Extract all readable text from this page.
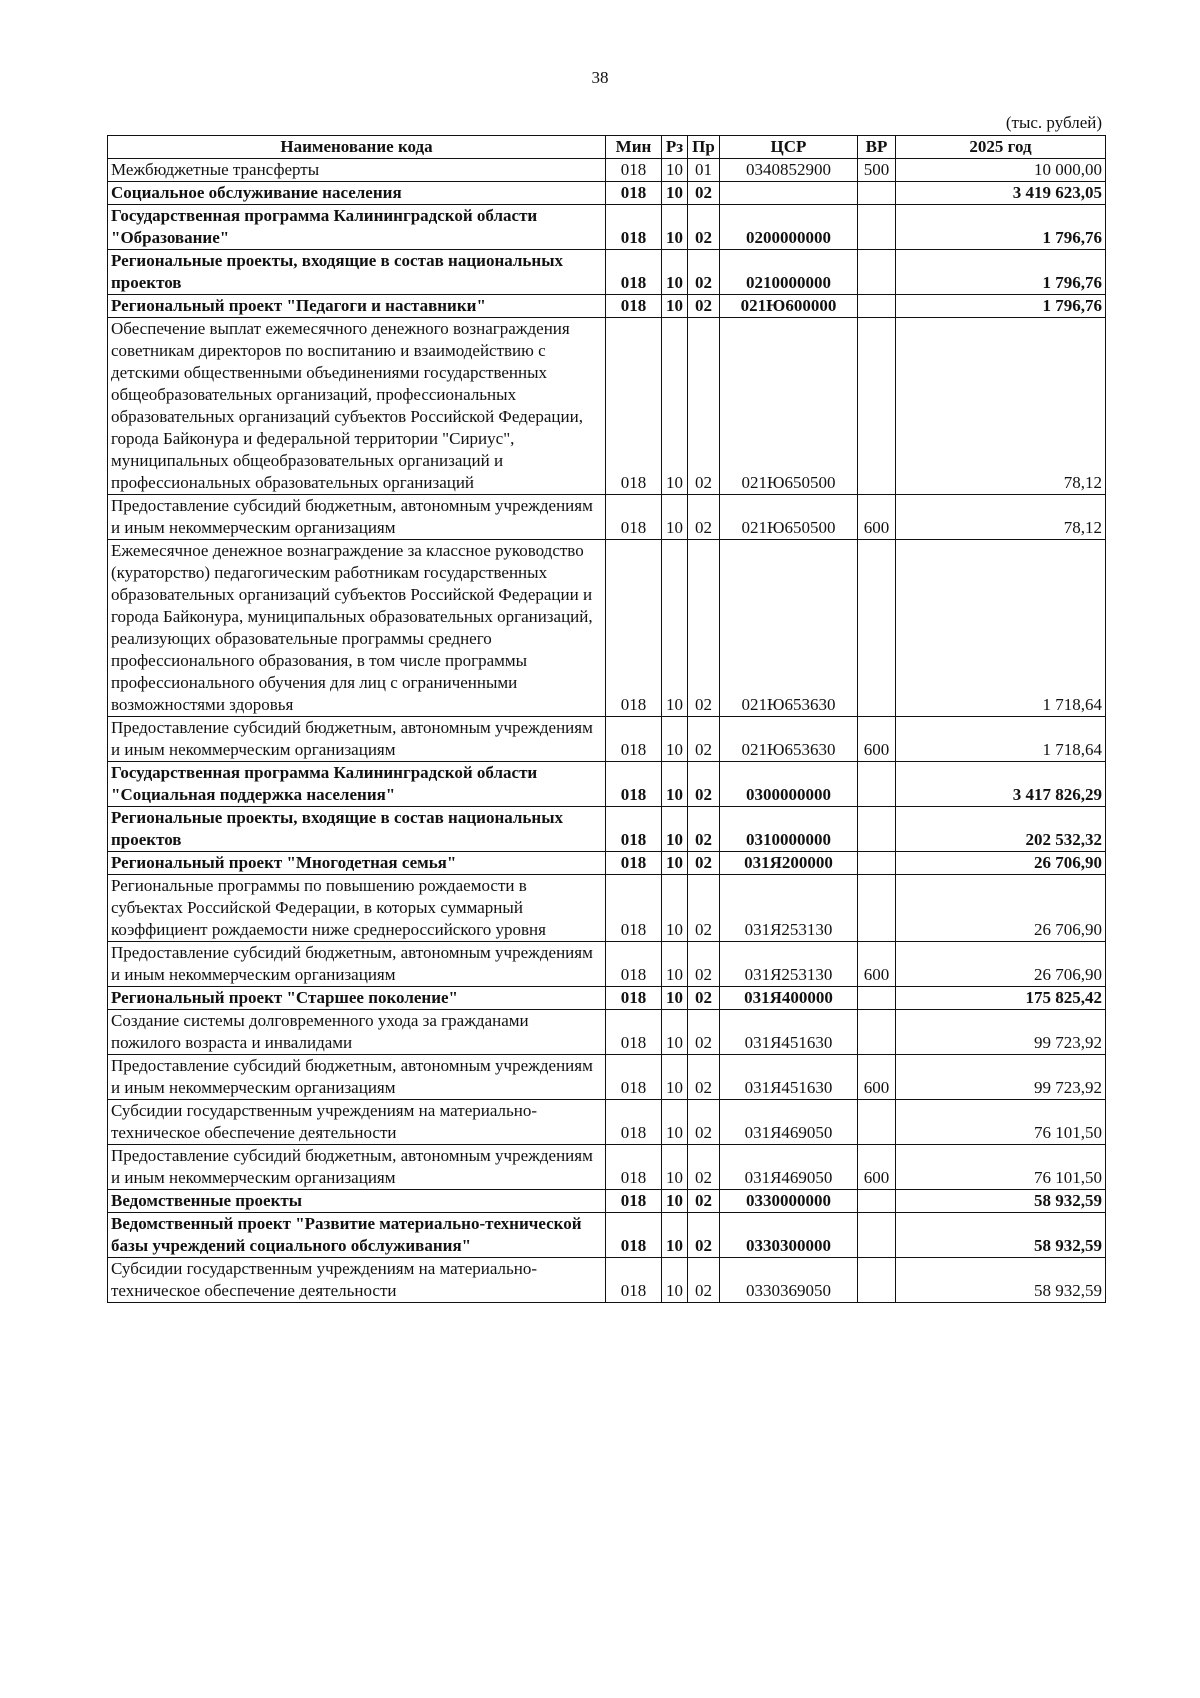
38
(тыс. рублей)
Наименование кода	Мин	Рз	Пр	ЦСР	ВР	2025 год
Межбюджетные трансферты	018	10	01	0340852900	500	10 000,00
Социальное обслуживание населения	018	10	02			3 419 623,05
Государственная программа Калининградской области "Образование"	018	10	02	0200000000		1 796,76
Региональные проекты, входящие в состав национальных проектов	018	10	02	0210000000		1 796,76
Региональный проект "Педагоги и наставники"	018	10	02	021Ю600000		1 796,76
Обеспечение выплат ежемесячного денежного вознаграждения советникам директоров по воспитанию и взаимодействию с детскими общественными объединениями государственных общеобразовательных организаций, профессиональных образовательных организаций субъектов Российской Федерации, города Байконура и федеральной территории "Сириус", муниципальных общеобразовательных организаций и профессиональных образовательных организаций	018	10	02	021Ю650500		78,12
Предоставление субсидий бюджетным, автономным учреждениям и иным некоммерческим организациям	018	10	02	021Ю650500	600	78,12
Ежемесячное денежное вознаграждение за классное руководство (кураторство) педагогическим работникам государственных образовательных организаций субъектов Российской Федерации и города Байконура, муниципальных образовательных организаций, реализующих образовательные программы среднего профессионального образования, в том числе программы профессионального обучения для лиц с ограниченными возможностями здоровья	018	10	02	021Ю653630		1 718,64
Предоставление субсидий бюджетным, автономным учреждениям и иным некоммерческим организациям	018	10	02	021Ю653630	600	1 718,64
Государственная программа Калининградской области "Социальная поддержка населения"	018	10	02	0300000000		3 417 826,29
Региональные проекты, входящие в состав национальных проектов	018	10	02	0310000000		202 532,32
Региональный проект "Многодетная семья"	018	10	02	031Я200000		26 706,90
Региональные программы по повышению рождаемости в субъектах Российской Федерации, в которых суммарный коэффициент рождаемости ниже среднероссийского уровня	018	10	02	031Я253130		26 706,90
Предоставление субсидий бюджетным, автономным учреждениям и иным некоммерческим организациям	018	10	02	031Я253130	600	26 706,90
Региональный проект "Старшее поколение"	018	10	02	031Я400000		175 825,42
Создание системы долговременного ухода за гражданами пожилого возраста и инвалидами	018	10	02	031Я451630		99 723,92
Предоставление субсидий бюджетным, автономным учреждениям и иным некоммерческим организациям	018	10	02	031Я451630	600	99 723,92
Субсидии государственным учреждениям на материально-техническое обеспечение деятельности	018	10	02	031Я469050		76 101,50
Предоставление субсидий бюджетным, автономным учреждениям и иным некоммерческим организациям	018	10	02	031Я469050	600	76 101,50
Ведомственные проекты	018	10	02	0330000000		58 932,59
Ведомственный проект "Развитие материально-технической базы учреждений социального обслуживания"	018	10	02	0330300000		58 932,59
Субсидии государственным учреждениям на материально-техническое обеспечение деятельности	018	10	02	0330369050		58 932,59
